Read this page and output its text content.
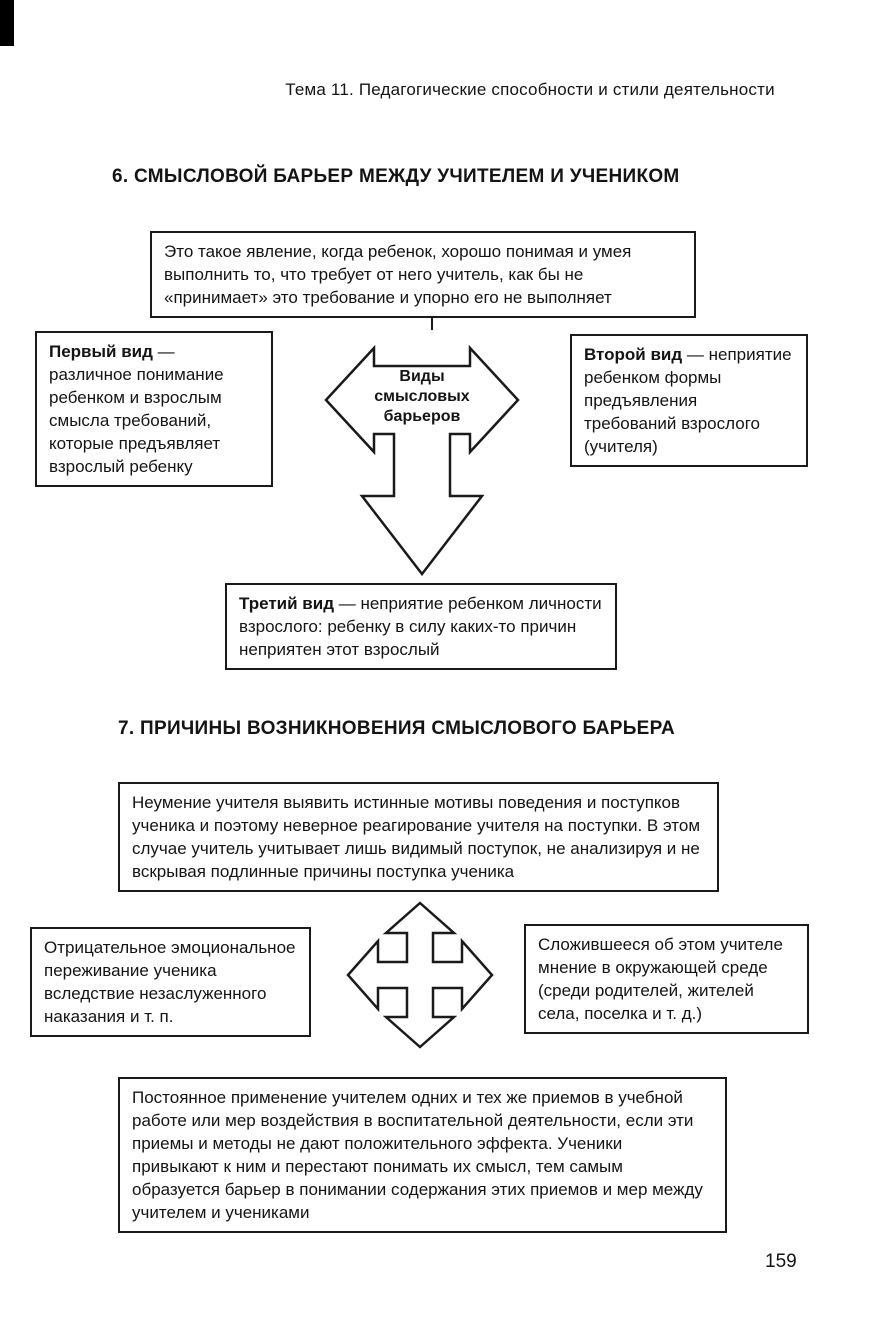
Тема 11. Педагогические способности и стили деятельности
6. СМЫСЛОВОЙ БАРЬЕР МЕЖДУ УЧИТЕЛЕМ И УЧЕНИКОМ
Это такое явление, когда ребенок, хорошо понимая и умея выполнить то, что требует от него учитель, как бы не «принимает» это требование и упорно его не выполняет
Виды смысловых барьеров
Первый вид — различное понимание ребенком и взрослым смысла требований, которые предъявляет взрослый ребенку
Второй вид — неприятие ребенком формы предъявления требований взрослого (учителя)
Третий вид — неприятие ребенком личности взрослого: ребенку в силу каких-то причин неприятен этот взрослый
7. ПРИЧИНЫ ВОЗНИКНОВЕНИЯ СМЫСЛОВОГО БАРЬЕРА
Неумение учителя выявить истинные мотивы поведения и поступков ученика и поэтому неверное реагирование учителя на поступки. В этом случае учитель учитывает лишь видимый поступок, не анализируя и не вскрывая подлинные причины поступка ученика
Отрицательное эмоциональное переживание ученика вследствие незаслуженного наказания и т. п.
Сложившееся об этом учителе мнение в окружающей среде (среди родителей, жителей села, поселка и т. д.)
Постоянное применение учителем одних и тех же приемов в учебной работе или мер воздействия в воспитательной деятельности, если эти приемы и методы не дают положительного эффекта. Ученики привыкают к ним и перестают понимать их смысл, тем самым образуется барьер в понимании содержания этих приемов и мер между учителем и учениками
159
